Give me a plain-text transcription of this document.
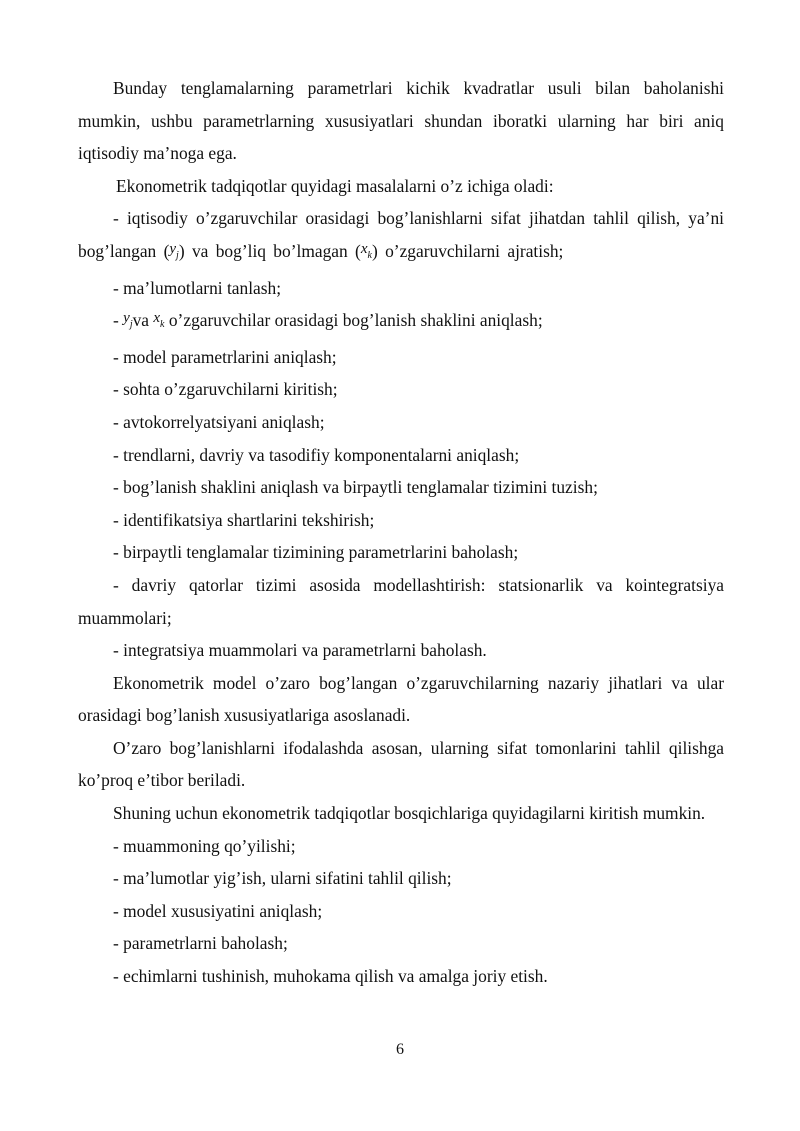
Bunday tenglamalarning parametrlari kichik kvadratlar usuli bilan baholanishi mumkin, ushbu parametrlarning xususiyatlari shundan iboratki ularning har biri aniq iqtisodiy ma’noga ega.

Ekonometrik tadqiqotlar quyidagi masalalarni o’z ichiga oladi:

- iqtisodiy o’zgaruvchilar orasidagi bog’lanishlarni sifat jihatdan tahlil qilish, ya’ni bog’langan (yj) va bog’liq bo’lmagan (xk) o’zgaruvchilarni ajratish;

- ma’lumotlarni tanlash;

- yjva xk o’zgaruvchilar orasidagi bog’lanish shaklini aniqlash;

- model parametrlarini aniqlash;

- sohta o’zgaruvchilarni kiritish;

- avtokorrelyatsiyani aniqlash;

- trendlarni, davriy va tasodifiy komponentalarni aniqlash;

- bog’lanish shaklini aniqlash va birpaytli tenglamalar tizimini tuzish;

- identifikatsiya shartlarini tekshirish;

- birpaytli tenglamalar tizimining parametrlarini baholash;

- davriy qatorlar tizimi asosida modellashtirish: statsionarlik va kointegratsiya muammolari;

- integratsiya muammolari va parametrlarni baholash.

Ekonometrik model o’zaro bog’langan o’zgaruvchilarning nazariy jihatlari va ular orasidagi bog’lanish xususiyatlariga asoslanadi.

O’zaro bog’lanishlarni ifodalashda asosan, ularning sifat tomonlarini tahlil qilishga ko’proq e’tibor beriladi.

Shuning uchun ekonometrik tadqiqotlar bosqichlariga quyidagilarni kiritish mumkin.

- muammoning qo’yilishi;

- ma’lumotlar yig’ish, ularni sifatini tahlil qilish;

- model xususiyatini aniqlash;

- parametrlarni baholash;

- echimlarni tushinish, muhokama qilish va amalga joriy etish.

6
